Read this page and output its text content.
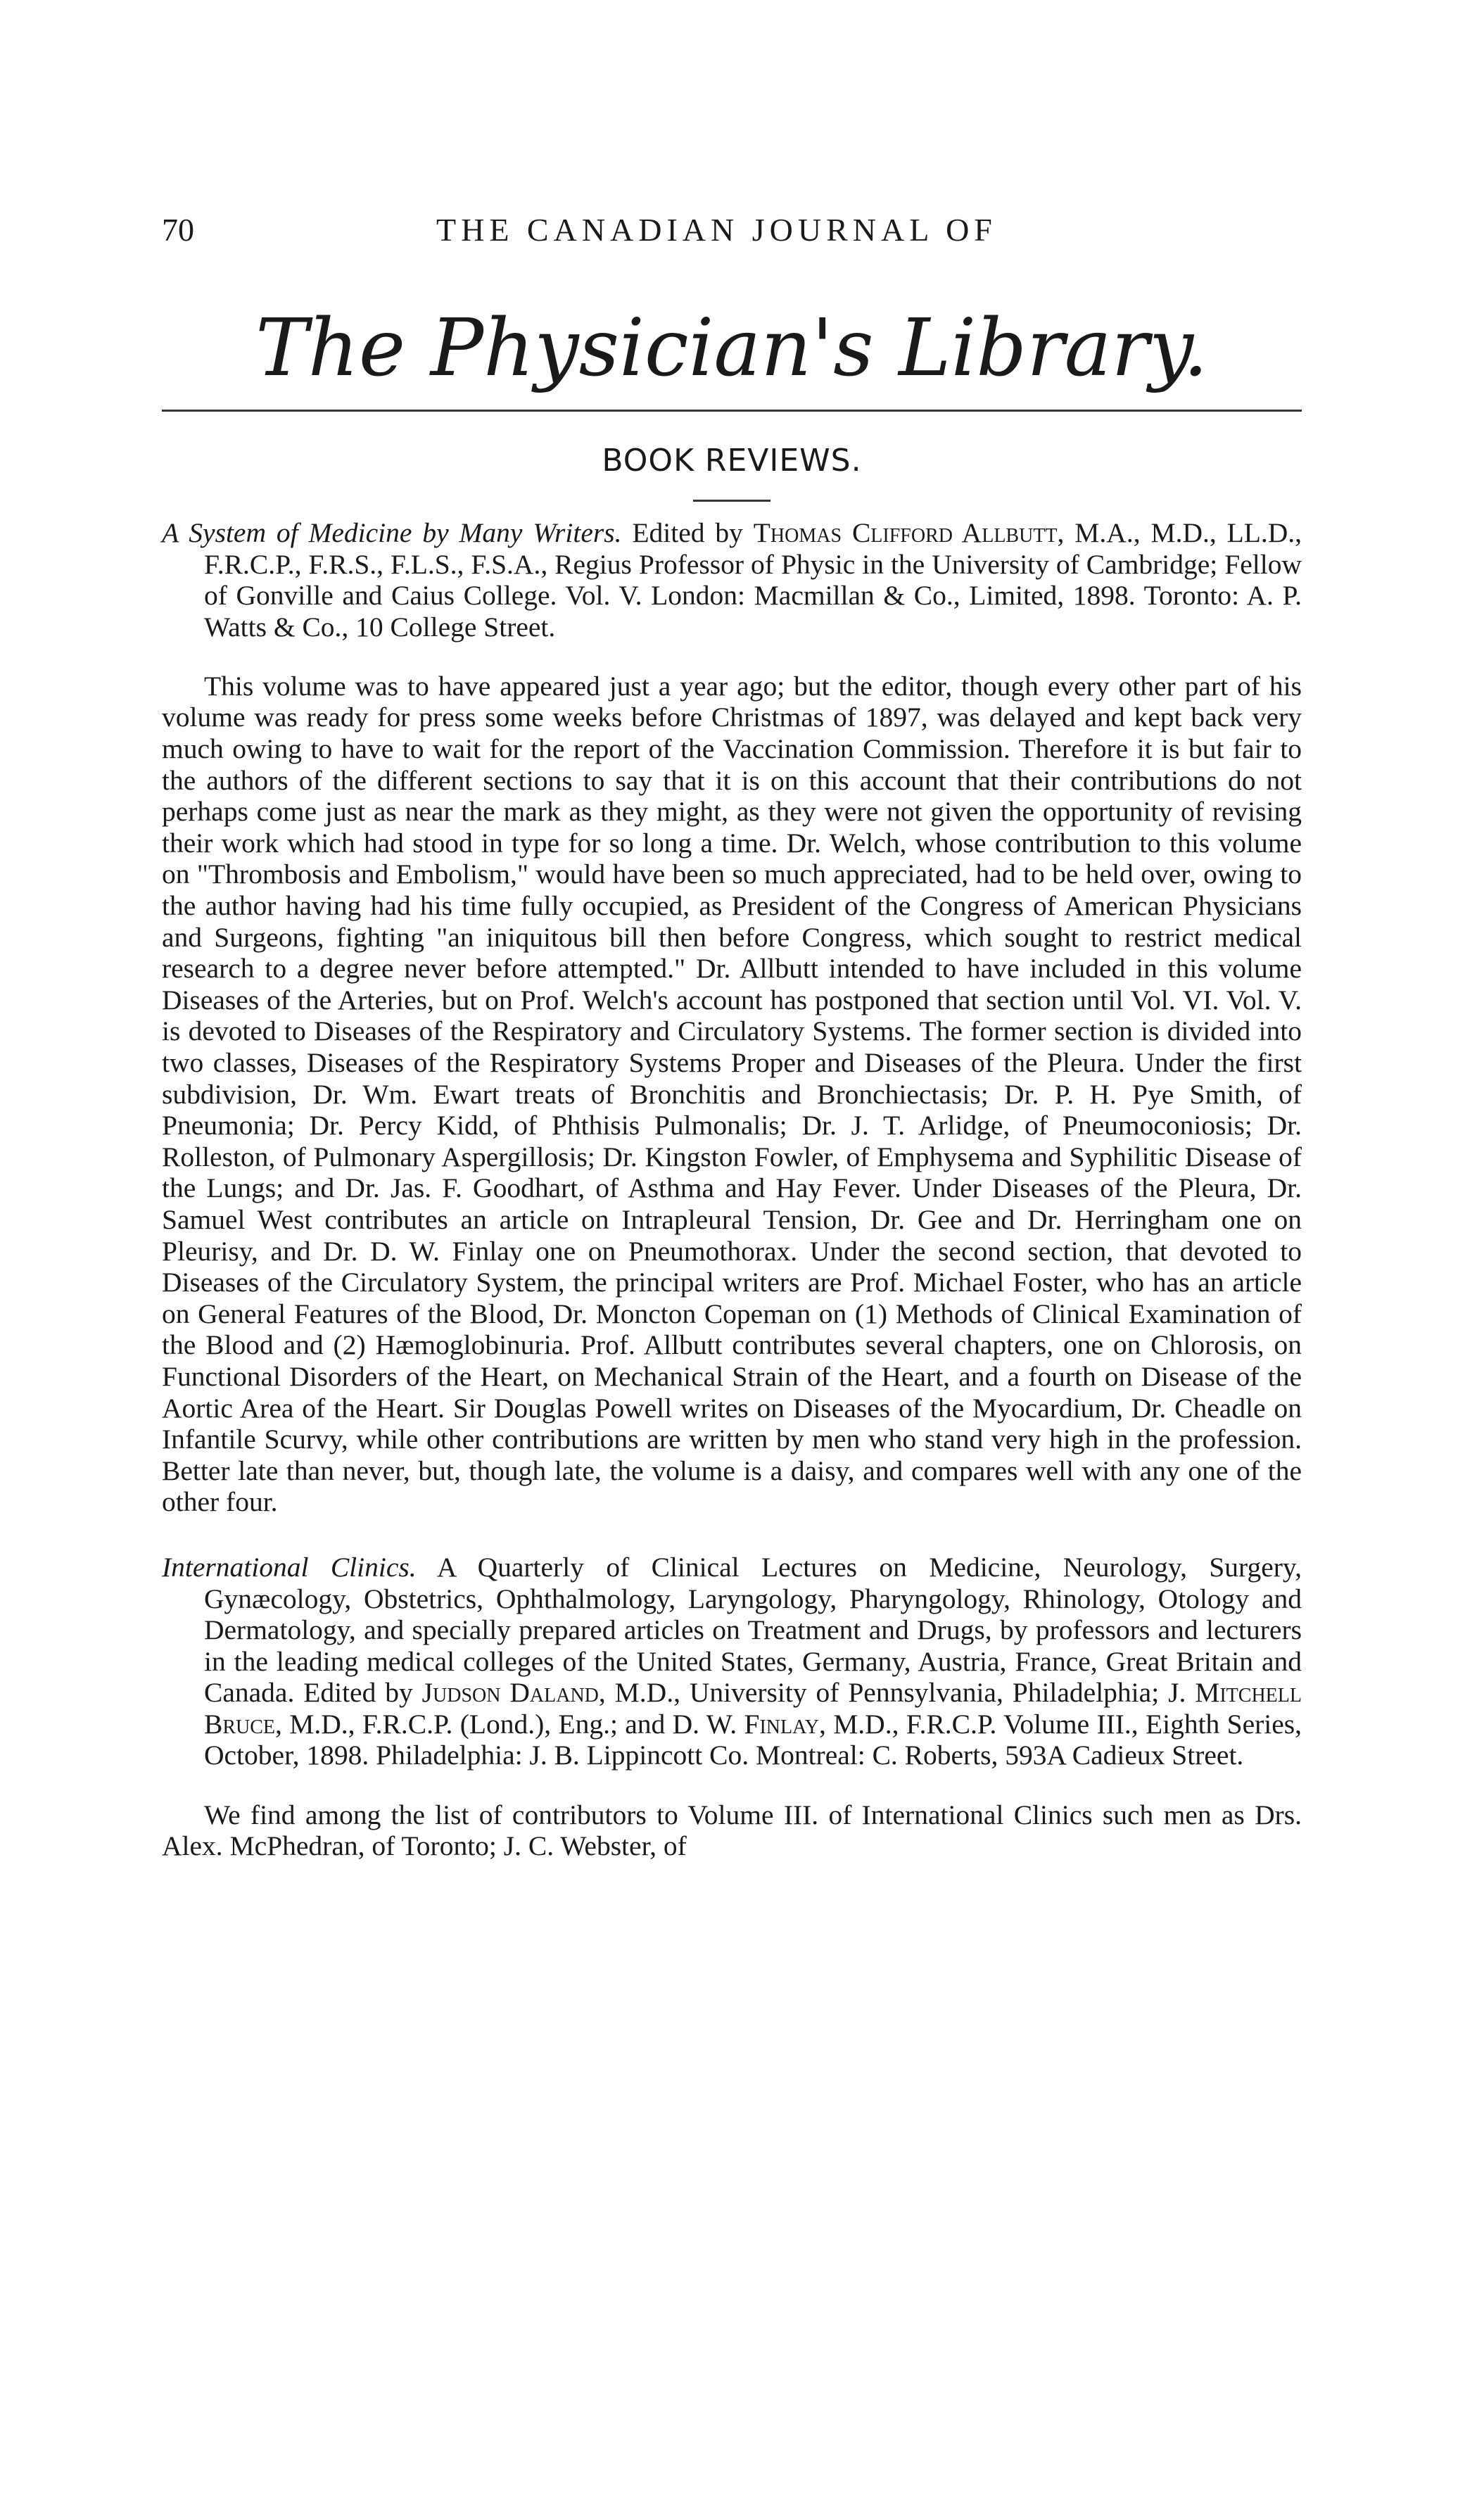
70	THE CANADIAN JOURNAL OF
The Physician's Library.
BOOK REVIEWS.

A System of Medicine by Many Writers. Edited by Thomas Clifford Allbutt, M.A., M.D., LL.D., F.R.C.P., F.R.S., F.L.S., F.S.A., Regius Professor of Physic in the University of Cambridge; Fellow of Gonville and Caius College. Vol. V. London: Macmillan & Co., Limited, 1898. Toronto: A. P. Watts & Co., 10 College Street.

This volume was to have appeared just a year ago; but the editor, though every other part of his volume was ready for press some weeks before Christmas of 1897, was delayed and kept back very much owing to have to wait for the report of the Vaccination Commission. Therefore it is but fair to the authors of the different sections to say that it is on this account that their contributions do not perhaps come just as near the mark as they might, as they were not given the opportunity of revising their work which had stood in type for so long a time. Dr. Welch, whose contribution to this volume on "Thrombosis and Embolism," would have been so much appreciated, had to be held over, owing to the author having had his time fully occupied, as President of the Congress of American Physicians and Surgeons, fighting "an iniquitous bill then before Congress, which sought to restrict medical research to a degree never before attempted." Dr. Allbutt intended to have included in this volume Diseases of the Arteries, but on Prof. Welch's account has postponed that section until Vol. VI. Vol. V. is devoted to Diseases of the Respiratory and Circulatory Systems. The former section is divided into two classes, Diseases of the Respiratory Systems Proper and Diseases of the Pleura. Under the first subdivision, Dr. Wm. Ewart treats of Bronchitis and Bronchiectasis; Dr. P. H. Pye Smith, of Pneumonia; Dr. Percy Kidd, of Phthisis Pulmonalis; Dr. J. T. Arlidge, of Pneumoconiosis; Dr. Rolleston, of Pulmonary Aspergillosis; Dr. Kingston Fowler, of Emphysema and Syphilitic Disease of the Lungs; and Dr. Jas. F. Goodhart, of Asthma and Hay Fever. Under Diseases of the Pleura, Dr. Samuel West contributes an article on Intrapleural Tension, Dr. Gee and Dr. Herringham one on Pleurisy, and Dr. D. W. Finlay one on Pneumothorax. Under the second section, that devoted to Diseases of the Circulatory System, the principal writers are Prof. Michael Foster, who has an article on General Features of the Blood, Dr. Moncton Copeman on (1) Methods of Clinical Examination of the Blood and (2) Hæmoglobinuria. Prof. Allbutt contributes several chapters, one on Chlorosis, on Functional Disorders of the Heart, on Mechanical Strain of the Heart, and a fourth on Disease of the Aortic Area of the Heart. Sir Douglas Powell writes on Diseases of the Myocardium, Dr. Cheadle on Infantile Scurvy, while other contributions are written by men who stand very high in the profession. Better late than never, but, though late, the volume is a daisy, and compares well with any one of the other four.

International Clinics. A Quarterly of Clinical Lectures on Medicine, Neurology, Surgery, Gynæcology, Obstetrics, Ophthalmology, Laryngology, Pharyngology, Rhinology, Otology and Dermatology, and specially prepared articles on Treatment and Drugs, by professors and lecturers in the leading medical colleges of the United States, Germany, Austria, France, Great Britain and Canada. Edited by Judson Daland, M.D., University of Pennsylvania, Philadelphia; J. Mitchell Bruce, M.D., F.R.C.P. (Lond.), Eng.; and D. W. Finlay, M.D., F.R.C.P. Volume III., Eighth Series, October, 1898. Philadelphia: J. B. Lippincott Co. Montreal: C. Roberts, 593A Cadieux Street.

We find among the list of contributors to Volume III. of International Clinics such men as Drs. Alex. McPhedran, of Toronto; J. C. Webster, of
